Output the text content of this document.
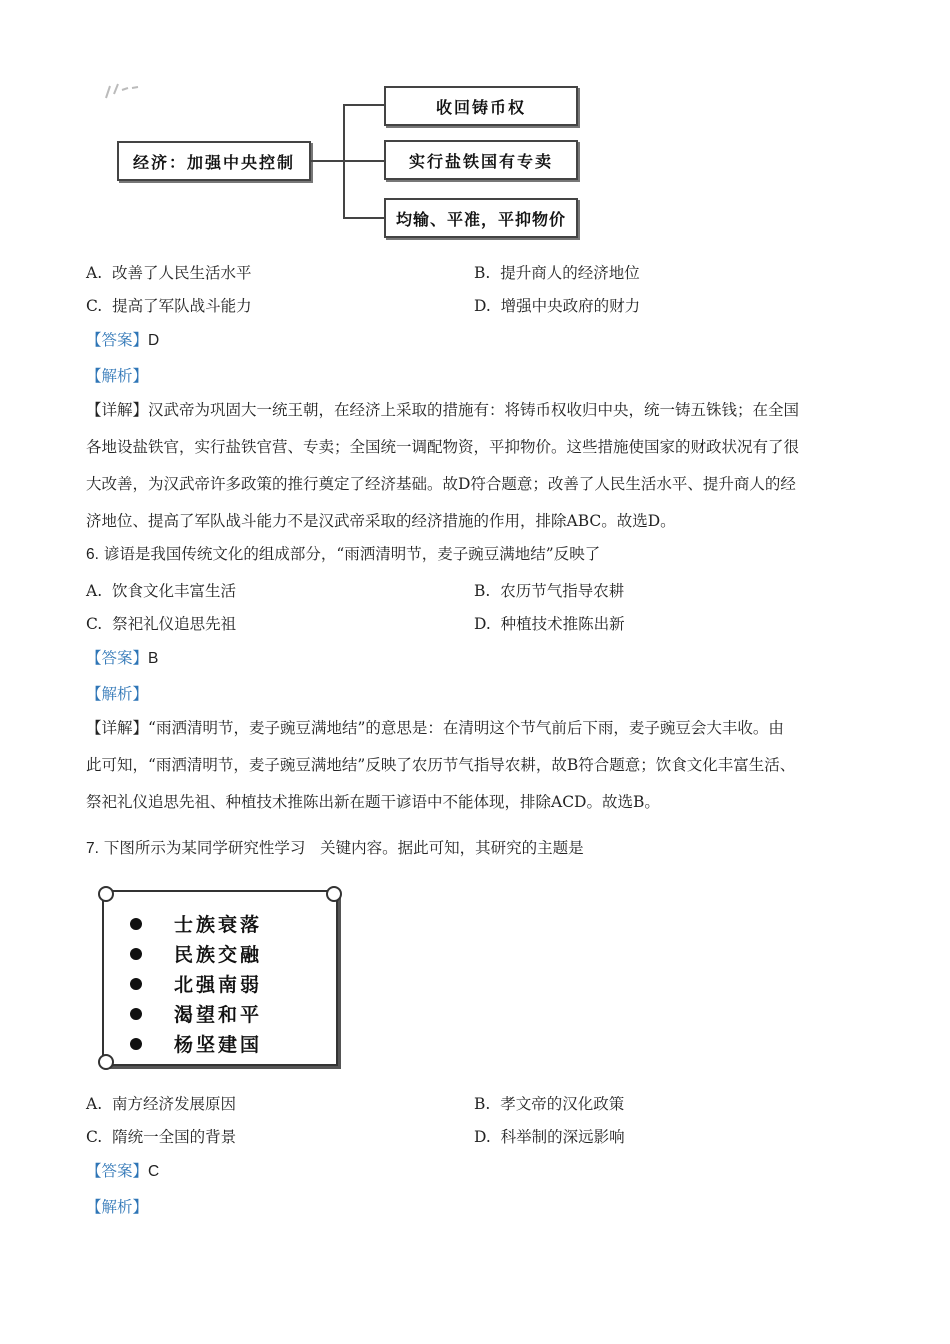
经济：加强中央控制
收回铸币权
实行盐铁国有专卖
均输、平准，平抑物价
A. 改善了人民生活水平	B. 提升商人的经济地位
C. 提高了军队战斗能力	D. 增强中央政府的财力
【答案】D
【解析】
【详解】汉武帝为巩固大一统王朝，在经济上采取的措施有：将铸币权收归中央，统一铸五铢钱；在全国
各地设盐铁官，实行盐铁官营、专卖；全国统一调配物资，平抑物价。这些措施使国家的财政状况有了很
大改善，为汉武帝许多政策的推行奠定了经济基础。故D符合题意；改善了人民生活水平、提升商人的经
济地位、提高了军队战斗能力不是汉武帝采取的经济措施的作用，排除ABC。故选D。
6. 谚语是我国传统文化的组成部分，“雨洒清明节，麦子豌豆满地结”反映了
A. 饮食文化丰富生活	B. 农历节气指导农耕
C. 祭祀礼仪追思先祖	D. 种植技术推陈出新
【答案】B
【解析】
【详解】“雨洒清明节，麦子豌豆满地结”的意思是：在清明这个节气前后下雨，麦子豌豆会大丰收。由
此可知，“雨洒清明节，麦子豌豆满地结”反映了农历节气指导农耕，故B符合题意；饮食文化丰富生活、
祭祀礼仪追思先祖、种植技术推陈出新在题干谚语中不能体现，排除ACD。故选B。
7. 下图所示为某同学研究性学习   关键内容。据此可知，其研究的主题是
士族衰落
民族交融
北强南弱
渴望和平
杨坚建国
A. 南方经济发展原因	B. 孝文帝的汉化政策
C. 隋统一全国的背景	D. 科举制的深远影响
【答案】C
【解析】
